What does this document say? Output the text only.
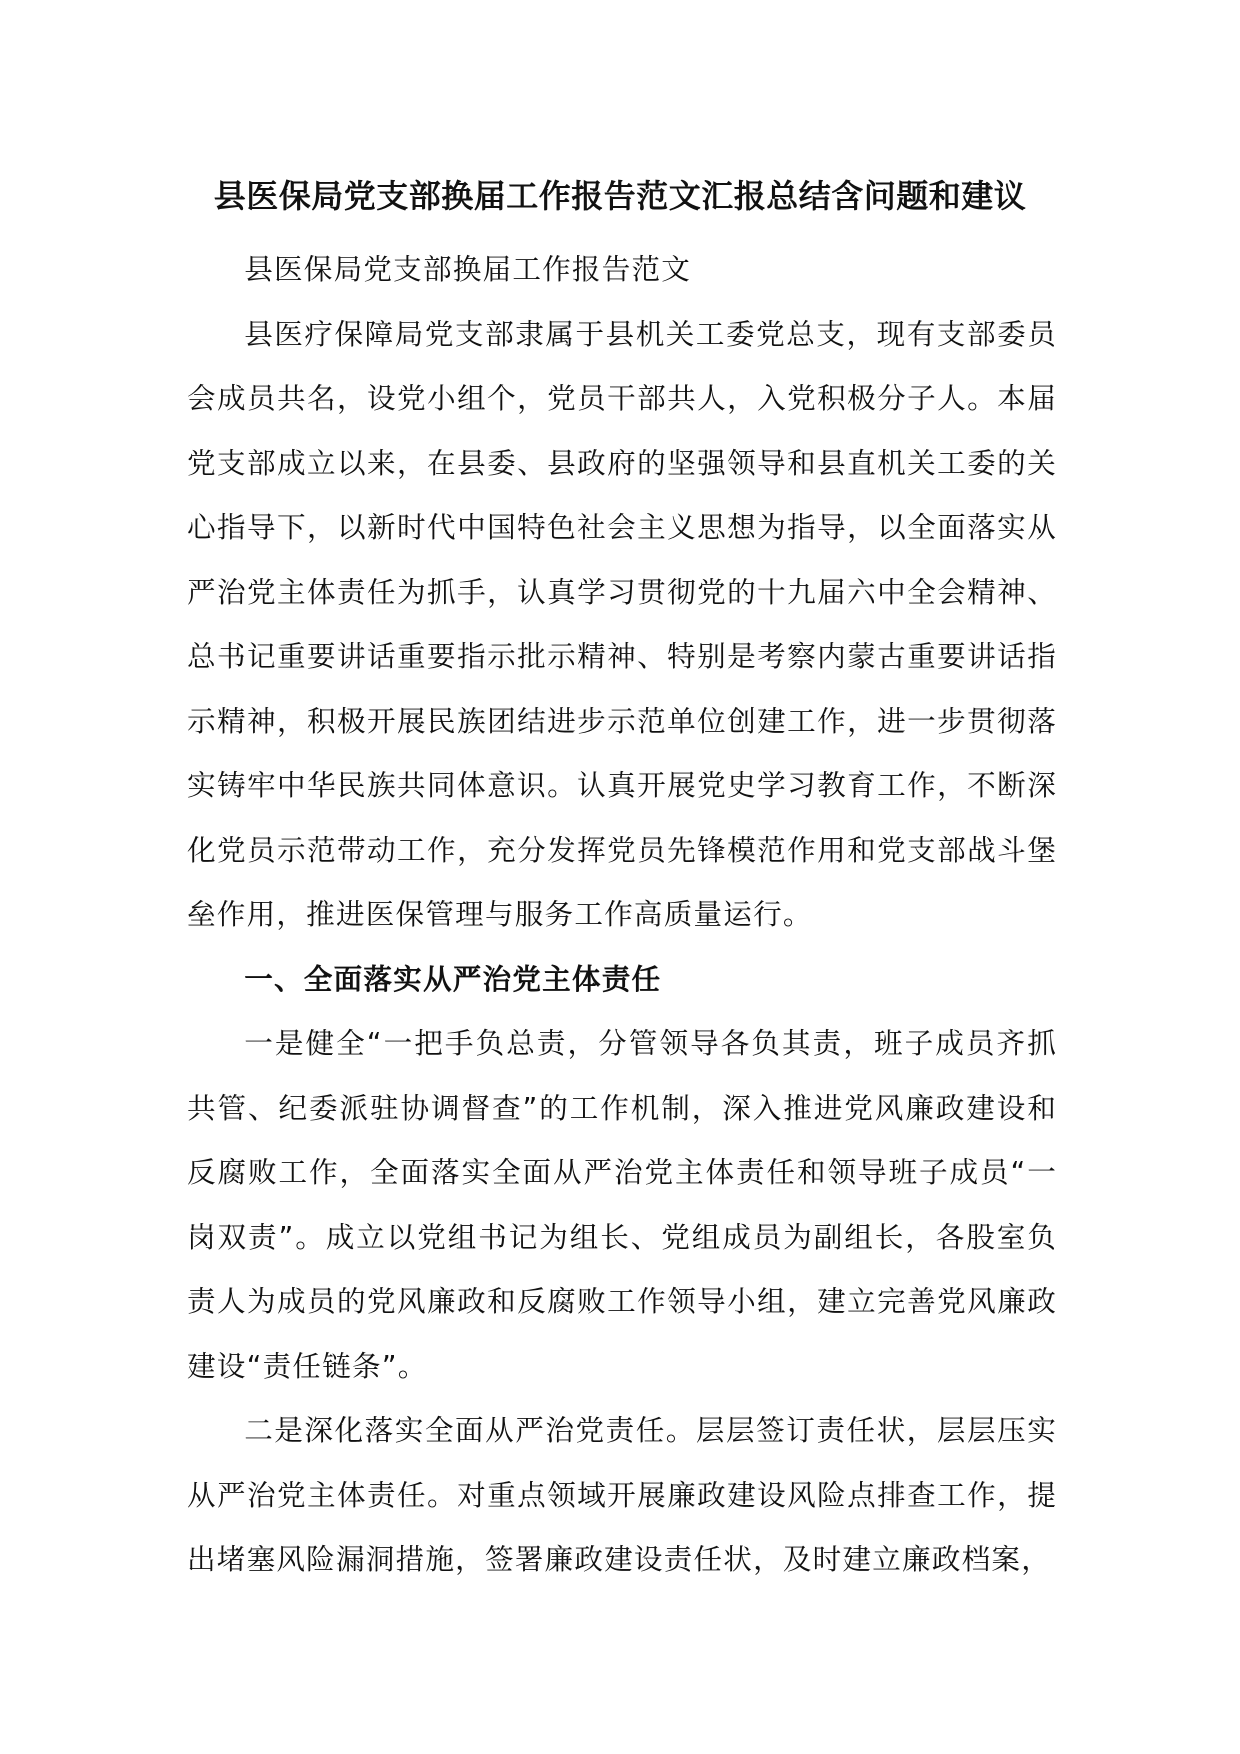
县医保局党支部换届工作报告范文汇报总结含问题和建议

县医保局党支部换届工作报告范文

县医疗保障局党支部隶属于县机关工委党总支，现有支部委员会成员共名，设党小组个，党员干部共人，入党积极分子人。本届党支部成立以来，在县委、县政府的坚强领导和县直机关工委的关心指导下，以新时代中国特色社会主义思想为指导，以全面落实从严治党主体责任为抓手，认真学习贯彻党的十九届六中全会精神、总书记重要讲话重要指示批示精神、特别是考察内蒙古重要讲话指示精神，积极开展民族团结进步示范单位创建工作，进一步贯彻落实铸牢中华民族共同体意识。认真开展党史学习教育工作，不断深化党员示范带动工作，充分发挥党员先锋模范作用和党支部战斗堡垒作用，推进医保管理与服务工作高质量运行。

一、全面落实从严治党主体责任

一是健全“一把手负总责，分管领导各负其责，班子成员齐抓共管、纪委派驻协调督查”的工作机制，深入推进党风廉政建设和反腐败工作，全面落实全面从严治党主体责任和领导班子成员“一岗双责”。成立以党组书记为组长、党组成员为副组长，各股室负责人为成员的党风廉政和反腐败工作领导小组，建立完善党风廉政建设“责任链条”。

二是深化落实全面从严治党责任。层层签订责任状，层层压实从严治党主体责任。对重点领域开展廉政建设风险点排查工作，提出堵塞风险漏洞措施，签署廉政建设责任状，及时建立廉政档案，
